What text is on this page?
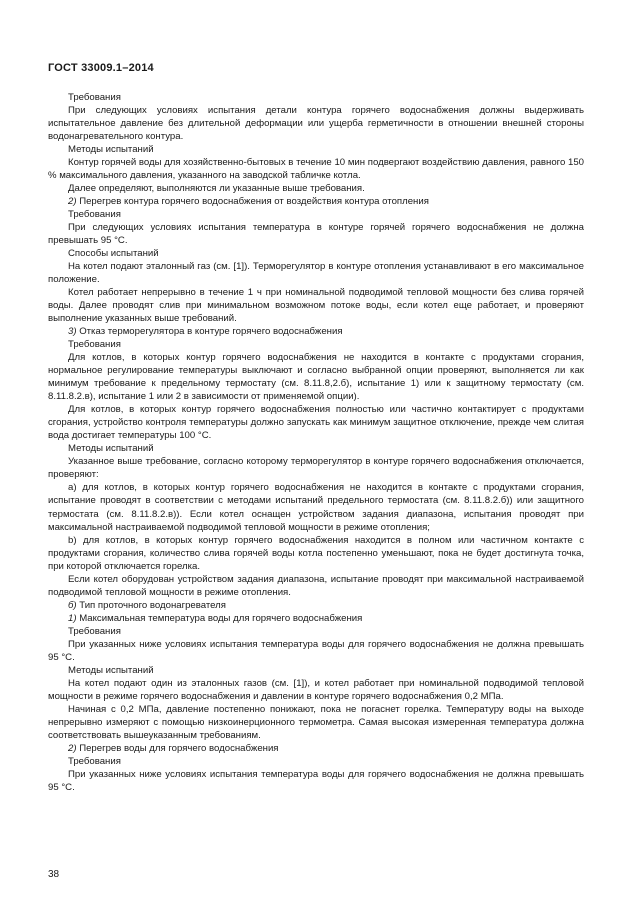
ГОСТ 33009.1–2014

Требования

При следующих условиях испытания детали контура горячего водоснабжения должны выдерживать испытательное давление без длительной деформации или ущерба герметичности в отношении внешней стороны водонагревательного контура.

Методы испытаний

Контур горячей воды для хозяйственно-бытовых в течение 10 мин подвергают воздействию давления, равного 150 % максимального давления, указанного на заводской табличке котла.

Далее определяют, выполняются ли указанные выше требования.

2) Перегрев контура горячего водоснабжения от воздействия контура отопления

Требования

При следующих условиях испытания температура в контуре горячей горячего водоснабжения не должна превышать 95 °С.

Способы испытаний

На котел подают эталонный газ (см. [1]). Терморегулятор в контуре отопления устанавливают в его максимальное положение.

Котел работает непрерывно в течение 1 ч при номинальной подводимой тепловой мощности без слива горячей воды. Далее проводят слив при минимальном возможном потоке воды, если котел еще работает, и проверяют выполнение указанных выше требований.

3) Отказ терморегулятора в контуре горячего водоснабжения

Требования

Для котлов, в которых контур горячего водоснабжения не находится в контакте с продуктами сгорания, нормальное регулирование температуры выключают и согласно выбранной опции проверяют, выполняется ли как минимум требование к предельному термостату (см. 8.11.8,2.б), испытание 1) или к защитному термостату (см. 8.11.8.2.в), испытание 1 или 2 в зависимости от применяемой опции).

Для котлов, в которых контур горячего водоснабжения полностью или частично контактирует с продуктами сгорания, устройство контроля температуры должно запускать как минимум защитное отключение, прежде чем слитая вода достигает температуры 100 °С.

Методы испытаний

Указанное выше требование, согласно которому терморегулятор в контуре горячего водоснабжения отключается, проверяют:

a) для котлов, в которых контур горячего водоснабжения не находится в контакте с продуктами сгорания, испытание проводят в соответствии с методами испытаний предельного термостата (см. 8.11.8.2.б)) или защитного термостата (см. 8.11.8.2.в)). Если котел оснащен устройством задания диапазона, испытания проводят при максимальной настраиваемой подводимой тепловой мощности в режиме отопления;

b) для котлов, в которых контур горячего водоснабжения находится в полном или частичном контакте с продуктами сгорания, количество слива горячей воды котла постепенно уменьшают, пока не будет достигнута точка, при которой отключается горелка.

Если котел оборудован устройством задания диапазона, испытание проводят при максимальной настраиваемой подводимой тепловой мощности в режиме отопления.

б) Тип проточного водонагревателя

1) Максимальная температура воды для горячего водоснабжения

Требования

При указанных ниже условиях испытания температура воды для горячего водоснабжения не должна превышать 95 °С.

Методы испытаний

На котел подают один из эталонных газов (см. [1]), и котел работает при номинальной подводимой тепловой мощности в режиме горячего водоснабжения и давлении в контуре горячего водоснабжения 0,2 МПа.

Начиная с 0,2 МПа, давление постепенно понижают, пока не погаснет горелка. Температуру воды на выходе непрерывно измеряют с помощью низкоинерционного термометра. Самая высокая измеренная температура должна соответствовать вышеуказанным требованиям.

2) Перегрев воды для горячего водоснабжения

Требования

При указанных ниже условиях испытания температура воды для горячего водоснабжения не должна превышать 95 °С.

38
